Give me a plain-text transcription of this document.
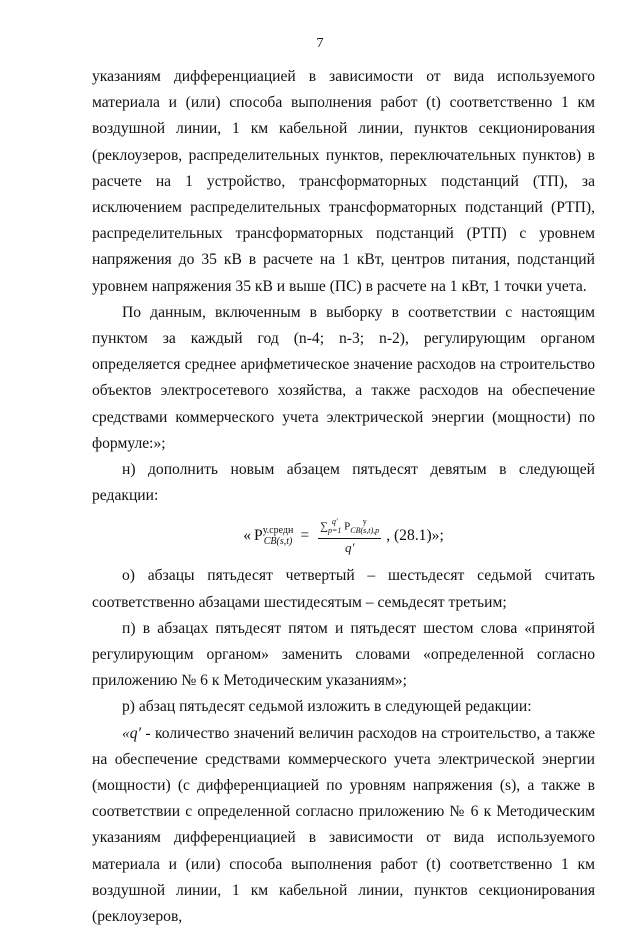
7

указаниям дифференциацией в зависимости от вида используемого материала и (или) способа выполнения работ (t) соответственно 1 км воздушной линии, 1 км кабельной линии, пунктов секционирования (реклоузеров, распределительных пунктов, переключательных пунктов) в расчете на 1 устройство, трансформаторных подстанций (ТП), за исключением распределительных трансформаторных подстанций (РТП), распределительных трансформаторных подстанций (РТП) с уровнем напряжения до 35 кВ в расчете на 1 кВт, центров питания, подстанций уровнем напряжения 35 кВ и выше (ПС) в расчете на 1 кВт, 1 точки учета.

По данным, включенным в выборку в соответствии с настоящим пунктом за каждый год (n-4; n-3; n-2), регулирующим органом определяется среднее арифметическое значение расходов на строительство объектов электросетевого хозяйства, а также расходов на обеспечение средствами коммерческого учета электрической энергии (мощности) по формуле:»;

н) дополнить новым абзацем пятьдесят девятым в следующей редакции:

« P у.средн
СВ(s,t) = ∑ q′
p=1 P	у
СВ(s,t),p
q′ , (28.1)»;

о) абзацы пятьдесят четвертый – шестьдесят седьмой считать соответственно абзацами шестидесятым – семьдесят третьим;

п) в абзацах пятьдесят пятом и пятьдесят шестом слова «принятой регулирующим органом» заменить словами «определенной согласно приложению № 6 к Методическим указаниям»;

р) абзац пятьдесят седьмой изложить в следующей редакции:

«q′ - количество значений величин расходов на строительство, а также на обеспечение средствами коммерческого учета электрической энергии (мощности) (с дифференциацией по уровням напряжения (s), а также в соответствии с определенной согласно приложению № 6 к Методическим указаниям дифференциацией в зависимости от вида используемого материала и (или) способа выполнения работ (t) соответственно 1 км воздушной линии, 1 км кабельной линии, пунктов секционирования (реклоузеров,
